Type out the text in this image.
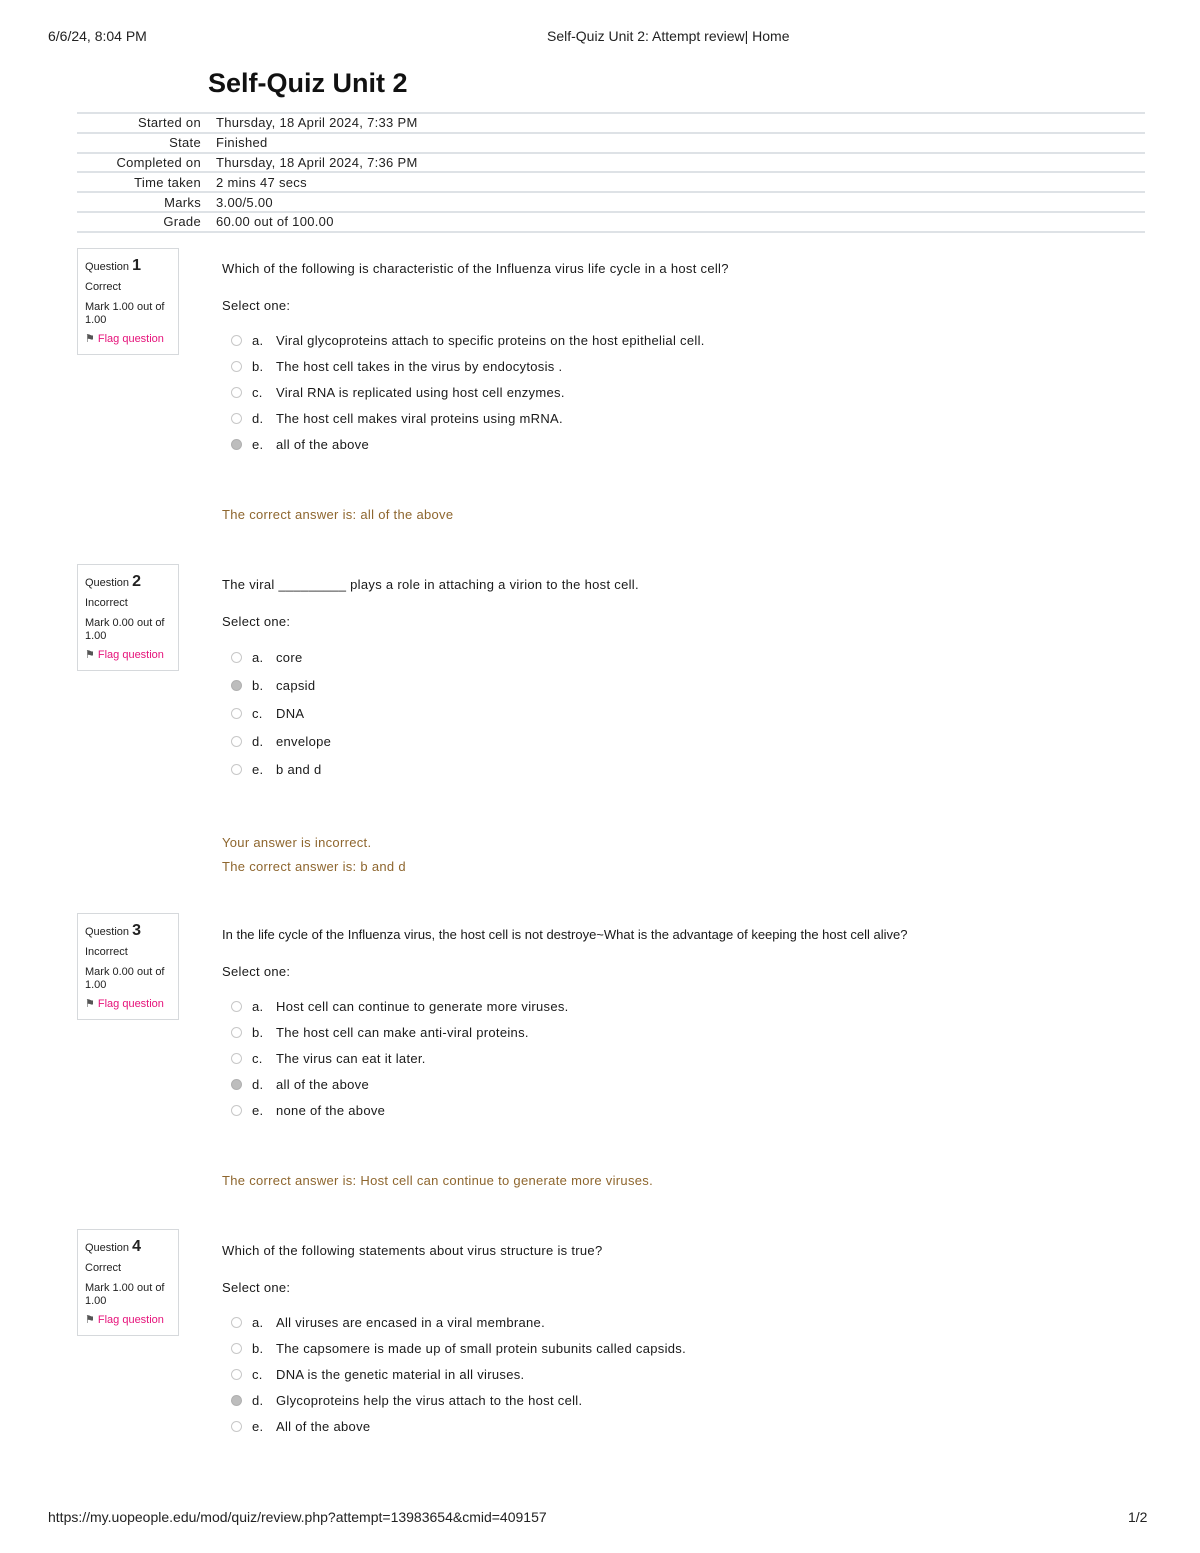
6/6/24, 8:04 PM	Self-Quiz Unit 2: Attempt review| Home
Self-Quiz Unit 2
Started on	Thursday, 18 April 2024, 7:33 PM
State	Finished
Completed on	Thursday, 18 April 2024, 7:36 PM
Time taken	2 mins 47 secs
Marks	3.00/5.00
Grade	60.00 out of 100.00
Question 1
Correct
Mark 1.00 out of 1.00
⚑ Flag question

Which of the following is characteristic of the Influenza virus life cycle in a host cell?

Select one:
a. Viral glycoproteins attach to specific proteins on the host epithelial cell.
b. The host cell takes in the virus by endocytosis .
c.	Viral RNA is replicated using host cell enzymes.
d. The host cell makes viral proteins using mRNA.
e. all of the above
The correct answer is: all of the above
Question 2
Incorrect
Mark 0.00 out of 1.00
⚑ Flag question

The viral _________ plays a role in attaching a virion to the host cell.

Select one:
a. core
b. capsid
c.	DNA
d. envelope
e. b and d
Your answer is incorrect.
The correct answer is: b and d
Question 3
Incorrect
Mark 0.00 out of 1.00
⚑ Flag question

In the life cycle of the Influenza virus, the host cell is not destroye~What is the advantage of keeping the host cell alive?

Select one:
a. Host cell can continue to generate more viruses.
b. The host cell can make anti-viral proteins.
c.	The virus can eat it later.
d. all of the above
e. none of the above
The correct answer is: Host cell can continue to generate more viruses.
Question 4
Correct
Mark 1.00 out of 1.00
⚑ Flag question

Which of the following statements about virus structure is true?

Select one:
a. All viruses are encased in a viral membrane.
b. The capsomere is made up of small protein subunits called capsids.
c.	DNA is the genetic material in all viruses.
d. Glycoproteins help the virus attach to the host cell.
e. All of the above
https://my.uopeople.edu/mod/quiz/review.php?attempt=13983654&cmid=409157	1/2
